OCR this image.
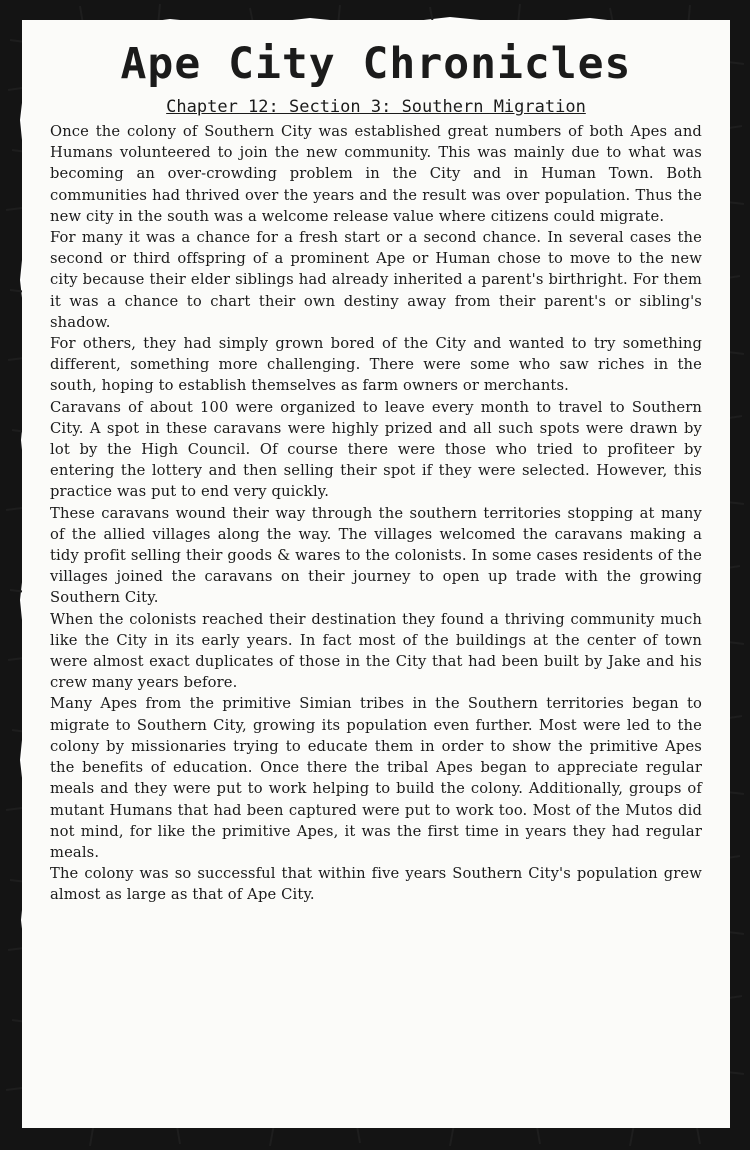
Ape City Chronicles
Chapter 12: Section 3: Southern Migration

Once the colony of Southern City was established great numbers of both Apes and Humans volunteered to join the new community. This was mainly due to what was becoming an over-crowding problem in the City and in Human Town. Both communities had thrived over the years and the result was over population. Thus the new city in the south was a welcome release value where citizens could migrate.

For many it was a chance for a fresh start or a second chance. In several cases the second or third offspring of a prominent Ape or Human chose to move to the new city because their elder siblings had already inherited a parent's birthright. For them it was a chance to chart their own destiny away from their parent's or sibling's shadow.

For others, they had simply grown bored of the City and wanted to try something different, something more challenging. There were some who saw riches in the south, hoping to establish themselves as farm owners or merchants.

Caravans of about 100 were organized to leave every month to travel to Southern City. A spot in these caravans were highly prized and all such spots were drawn by lot by the High Council. Of course there were those who tried to profiteer by entering the lottery and then selling their spot if they were selected. However, this practice was put to end very quickly.

These caravans wound their way through the southern territories stopping at many of the allied villages along the way. The villages welcomed the caravans making a tidy profit selling their goods & wares to the colonists. In some cases residents of the villages joined the caravans on their journey to open up trade with the growing Southern City.

When the colonists reached their destination they found a thriving community much like the City in its early years. In fact most of the buildings at the center of town were almost exact duplicates of those in the City that had been built by Jake and his crew many years before.

Many Apes from the primitive Simian tribes in the Southern territories began to migrate to Southern City, growing its population even further. Most were led to the colony by missionaries trying to educate them in order to show the primitive Apes the benefits of education. Once there the tribal Apes began to appreciate regular meals and they were put to work helping to build the colony. Additionally, groups of mutant Humans that had been captured were put to work too. Most of the Mutos did not mind, for like the primitive Apes, it was the first time in years they had regular meals.

The colony was so successful that within five years Southern City's population grew almost as large as that of Ape City.
